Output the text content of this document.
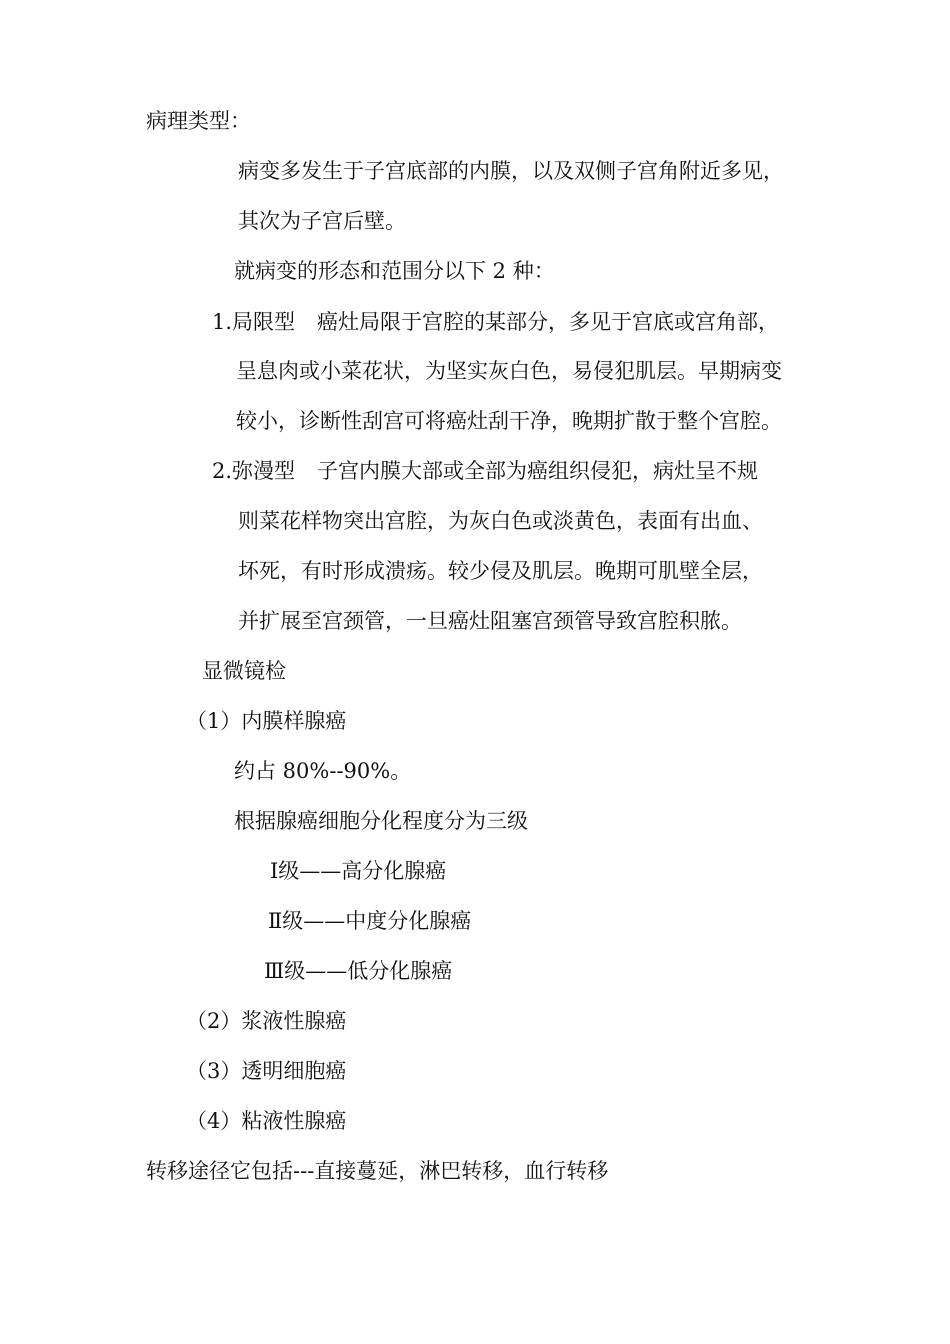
病理类型：
病变多发生于子宫底部的内膜，以及双侧子宫角附近多见，
其次为子宫后壁。
就病变的形态和范围分以下 2 种：
1.局限型 癌灶局限于宫腔的某部分，多见于宫底或宫角部，
呈息肉或小菜花状，为坚实灰白色，易侵犯肌层。早期病变
较小，诊断性刮宫可将癌灶刮干净，晚期扩散于整个宫腔。
2.弥漫型 子宫内膜大部或全部为癌组织侵犯，病灶呈不规
则菜花样物突出宫腔，为灰白色或淡黄色，表面有出血、
坏死，有时形成溃疡。较少侵及肌层。晚期可肌壁全层，
并扩展至宫颈管，一旦癌灶阻塞宫颈管导致宫腔积脓。
显微镜检
（1）内膜样腺癌
约占 80%--90%。
根据腺癌细胞分化程度分为三级
Ⅰ级——高分化腺癌
Ⅱ级——中度分化腺癌
Ⅲ级——低分化腺癌
（2）浆液性腺癌
（3）透明细胞癌
（4）粘液性腺癌
转移途径它包括---直接蔓延，淋巴转移，血行转移
